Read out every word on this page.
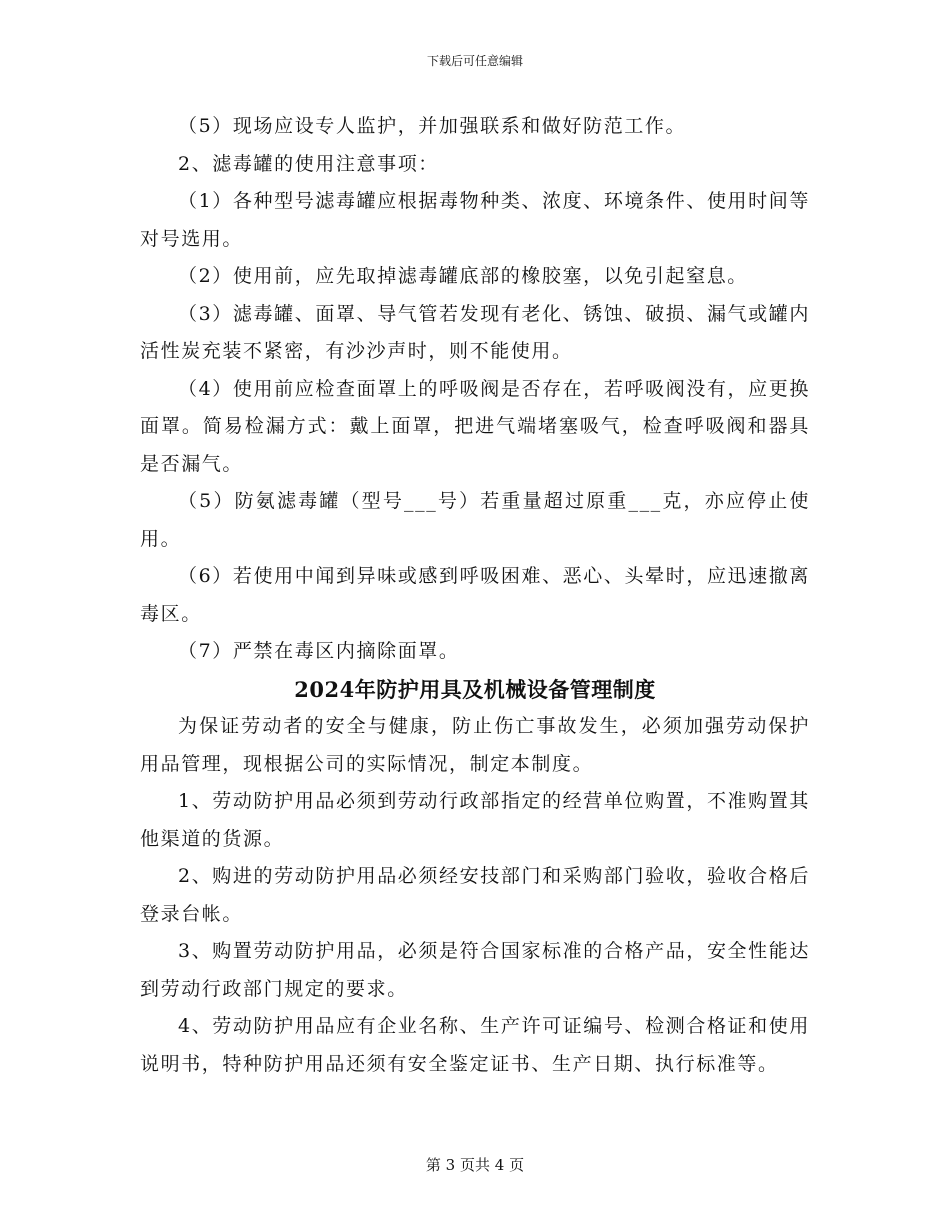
下载后可任意编辑

（5）现场应设专人监护，并加强联系和做好防范工作。

2、滤毒罐的使用注意事项：

（1）各种型号滤毒罐应根据毒物种类、浓度、环境条件、使用时间等对号选用。

（2）使用前，应先取掉滤毒罐底部的橡胶塞，以免引起窒息。

（3）滤毒罐、面罩、导气管若发现有老化、锈蚀、破损、漏气或罐内活性炭充装不紧密，有沙沙声时，则不能使用。

（4）使用前应检查面罩上的呼吸阀是否存在，若呼吸阀没有，应更换面罩。简易检漏方式：戴上面罩，把进气端堵塞吸气，检查呼吸阀和器具是否漏气。

（5）防氨滤毒罐（型号___号）若重量超过原重___克，亦应停止使用。

（6）若使用中闻到异味或感到呼吸困难、恶心、头晕时，应迅速撤离毒区。

（7）严禁在毒区内摘除面罩。

2024年防护用具及机械设备管理制度

为保证劳动者的安全与健康，防止伤亡事故发生，必须加强劳动保护用品管理，现根据公司的实际情况，制定本制度。

1、劳动防护用品必须到劳动行政部指定的经营单位购置，不准购置其他渠道的货源。

2、购进的劳动防护用品必须经安技部门和采购部门验收，验收合格后登录台帐。

3、购置劳动防护用品，必须是符合国家标准的合格产品，安全性能达到劳动行政部门规定的要求。

4、劳动防护用品应有企业名称、生产许可证编号、检测合格证和使用说明书，特种防护用品还须有安全鉴定证书、生产日期、执行标准等。

第 3 页共 4 页
